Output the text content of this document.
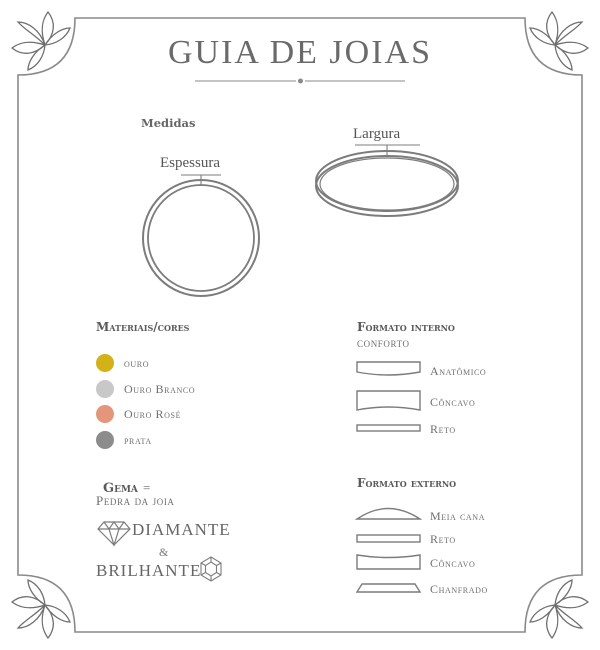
GUIA DE JOIAS
Medidas
Espessura
Largura
Materiais/cores
ouro
Ouro Branco
Ouro Rosé
prata
Gema =
Pedra da joia
DIAMANTE
&
BRILHANTE
Formato interno
conforto
Anatômico
Côncavo
Reto
Formato externo
Meia cana
Reto
Côncavo
Chanfrado
